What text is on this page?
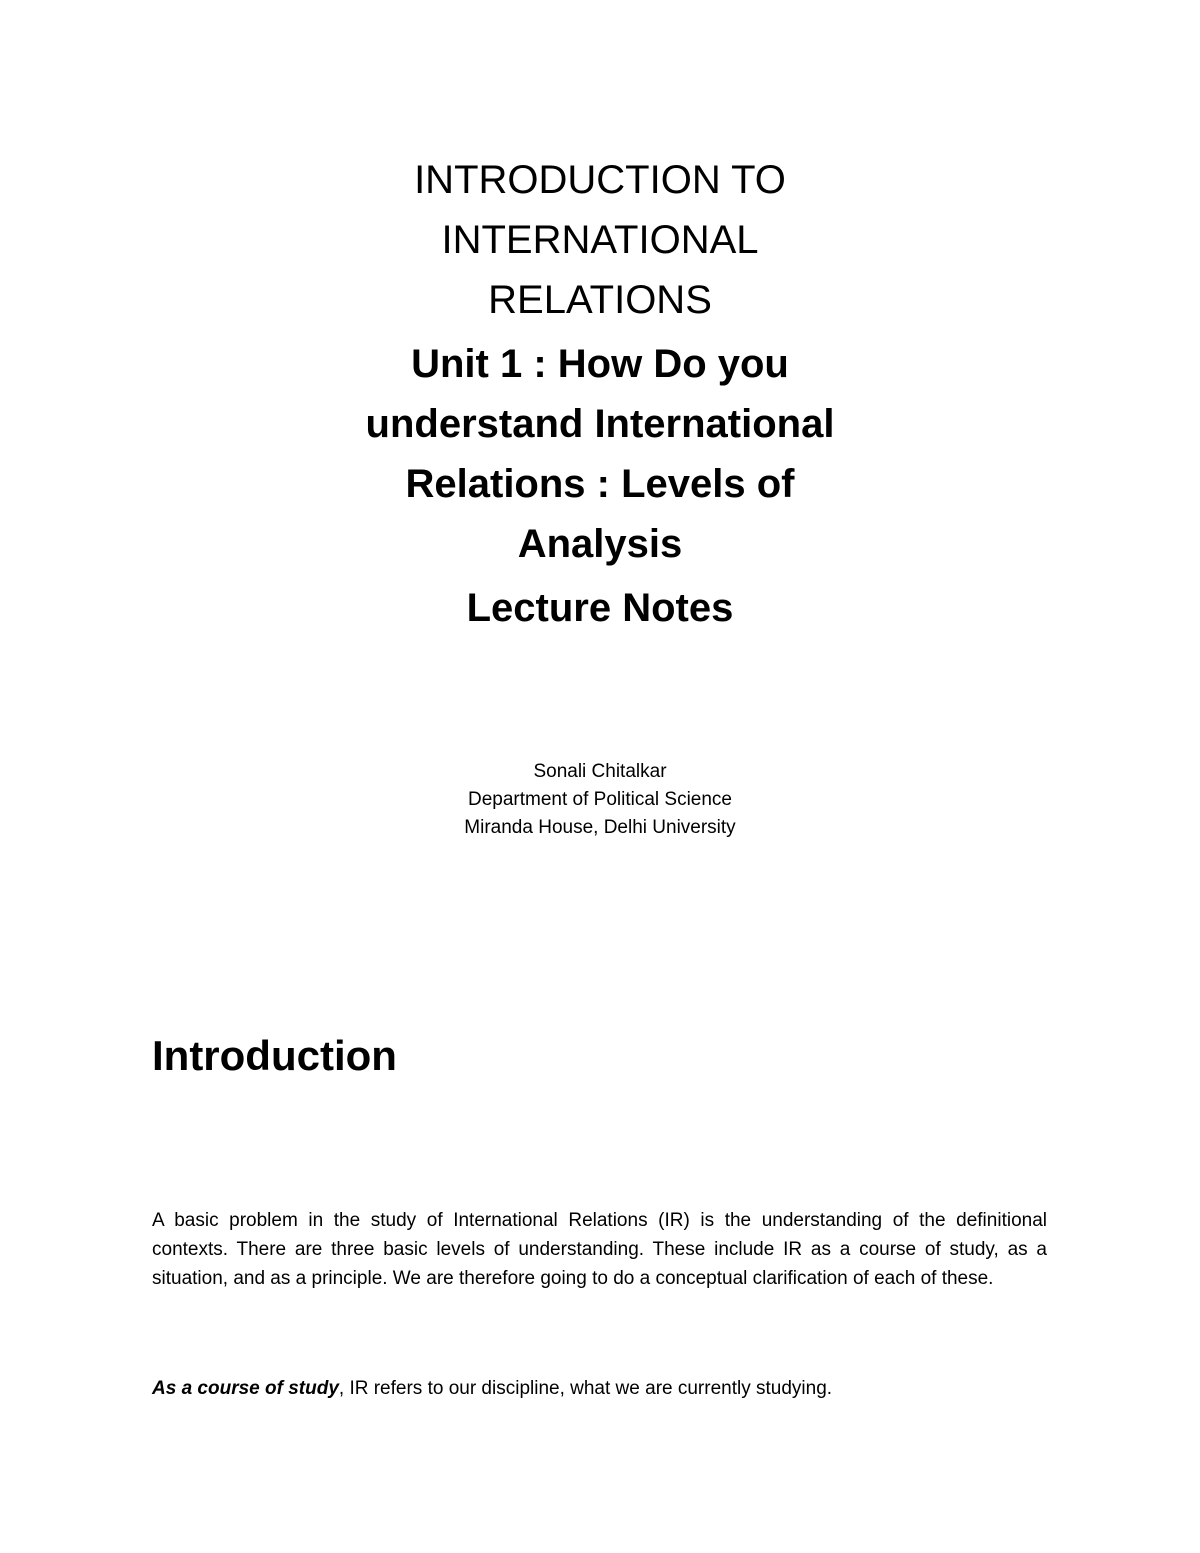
INTRODUCTION TO
INTERNATIONAL
RELATIONS
Unit 1 : How Do you
understand International
Relations : Levels of
Analysis
Lecture Notes
Sonali Chitalkar
Department of Political Science
Miranda House, Delhi University
Introduction

A basic problem in the study of International Relations (IR) is the understanding of the definitional contexts. There are three basic levels of understanding. These include IR as a course of study, as a situation, and as a principle. We are therefore going to do a conceptual clarification of each of these.

As a course of study, IR refers to our discipline, what we are currently studying.
